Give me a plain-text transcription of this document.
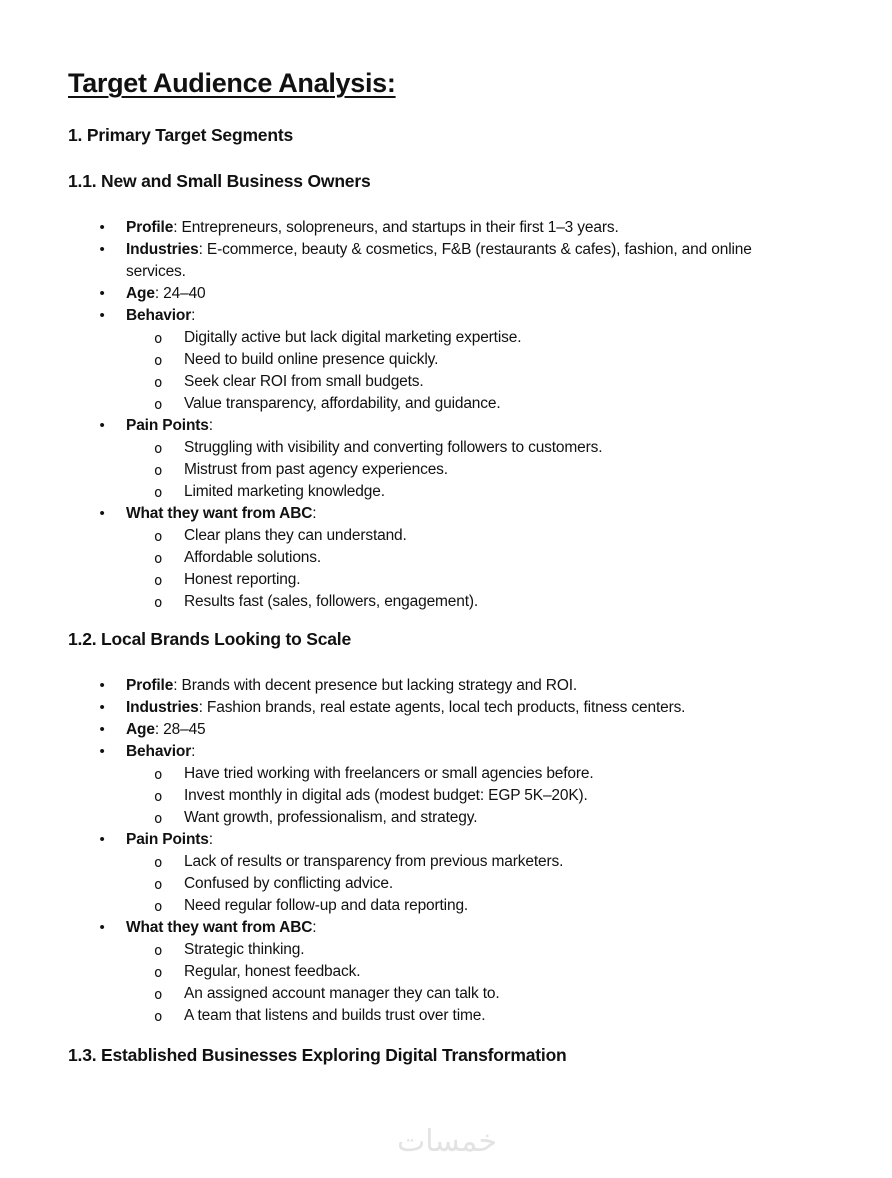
Target Audience Analysis:
1. Primary Target Segments
1.1. New and Small Business Owners
• Profile: Entrepreneurs, solopreneurs, and startups in their first 1–3 years.
• Industries: E-commerce, beauty & cosmetics, F&B (restaurants & cafes), fashion, and online services.
• Age: 24–40
• Behavior:
o Digitally active but lack digital marketing expertise.
o Need to build online presence quickly.
o Seek clear ROI from small budgets.
o Value transparency, affordability, and guidance.
• Pain Points:
o Struggling with visibility and converting followers to customers.
o Mistrust from past agency experiences.
o Limited marketing knowledge.
• What they want from ABC:
o Clear plans they can understand.
o Affordable solutions.
o Honest reporting.
o Results fast (sales, followers, engagement).
1.2. Local Brands Looking to Scale
• Profile: Brands with decent presence but lacking strategy and ROI.
• Industries: Fashion brands, real estate agents, local tech products, fitness centers.
• Age: 28–45
• Behavior:
o Have tried working with freelancers or small agencies before.
o Invest monthly in digital ads (modest budget: EGP 5K–20K).
o Want growth, professionalism, and strategy.
• Pain Points:
o Lack of results or transparency from previous marketers.
o Confused by conflicting advice.
o Need regular follow-up and data reporting.
• What they want from ABC:
o Strategic thinking.
o Regular, honest feedback.
o An assigned account manager they can talk to.
o A team that listens and builds trust over time.
1.3. Established Businesses Exploring Digital Transformation
خمسات
